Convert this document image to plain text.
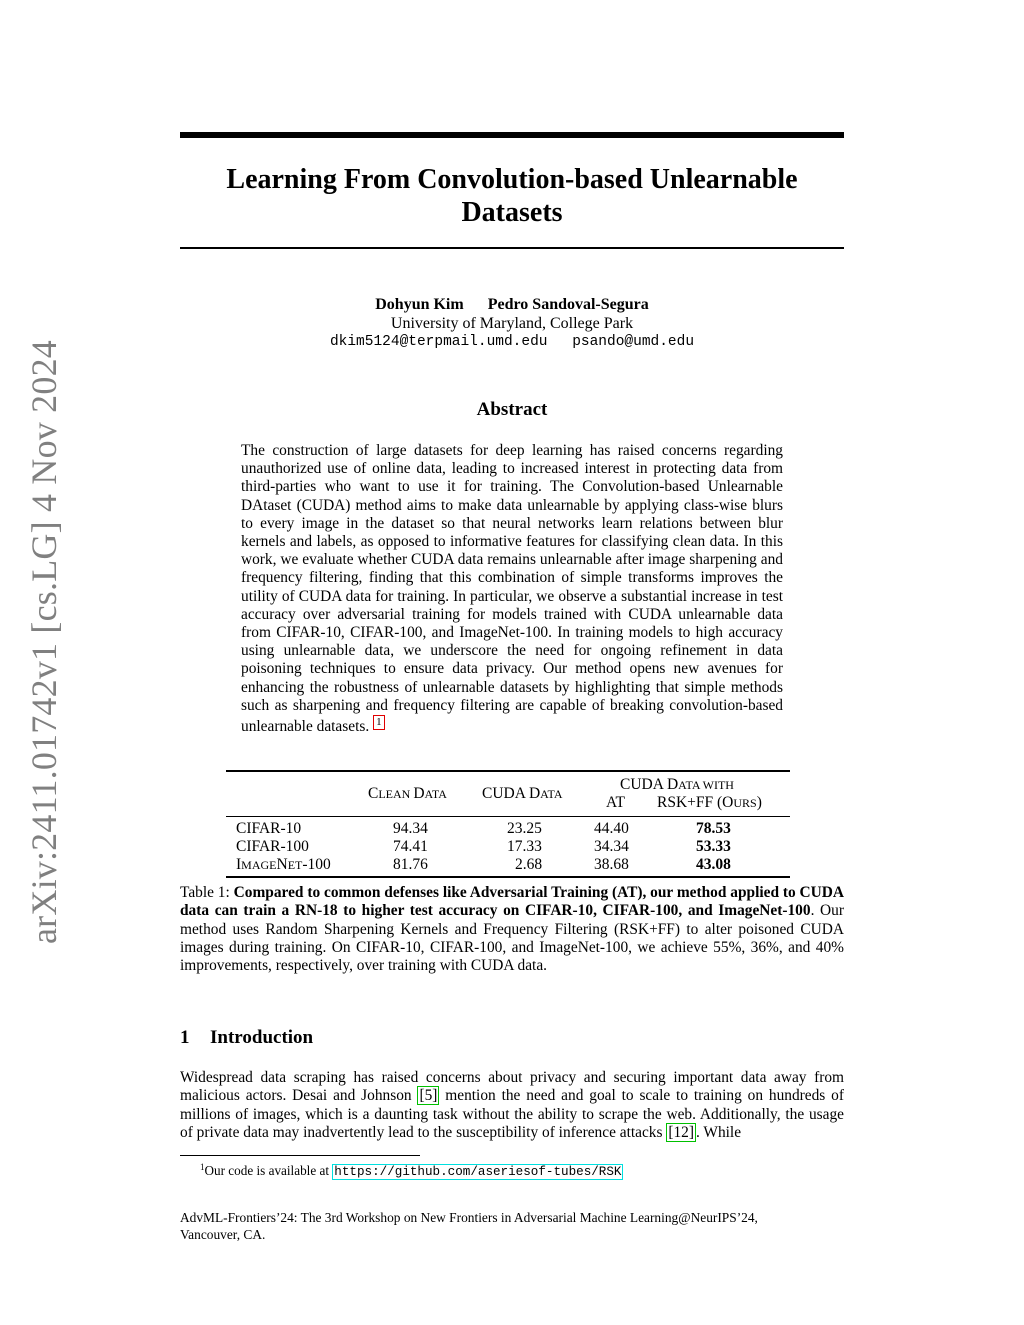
arXiv:2411.01742v1 [cs.LG] 4 Nov 2024
Learning From Convolution-based Unlearnable
Datasets
Dohyun Kim Pedro Sandoval-Segura
University of Maryland, College Park
dkim5124@terpmail.umd.edu psando@umd.edu
Abstract
The construction of large datasets for deep learning has raised concerns regarding unauthorized use of online data, leading to increased interest in protecting data from third-parties who want to use it for training. The Convolution-based Unlearnable DAtaset (CUDA) method aims to make data unlearnable by applying class-wise blurs to every image in the dataset so that neural networks learn relations between blur kernels and labels, as opposed to informative features for classifying clean data. In this work, we evaluate whether CUDA data remains unlearnable after image sharpening and frequency filtering, finding that this combination of simple transforms improves the utility of CUDA data for training. In particular, we observe a substantial increase in test accuracy over adversarial training for models trained with CUDA unlearnable data from CIFAR-10, CIFAR-100, and ImageNet-100. In training models to high accuracy using unlearnable data, we underscore the need for ongoing refinement in data poisoning techniques to ensure data privacy. Our method opens new avenues for enhancing the robustness of unlearnable datasets by highlighting that simple methods such as sharpening and frequency filtering are capable of breaking convolution-based unlearnable datasets. 1
CLEAN DATA CUDA DATA
CUDA DATA WITH
AT RSK+FF (OURS)
CIFAR-10	94.34	23.25	44.40	78.53
CIFAR-100	74.41	17.33	34.34	53.33
IMAGENET-100	81.76	2.68	38.68	43.08
Table 1: Compared to common defenses like Adversarial Training (AT), our method applied to CUDA data can train a RN-18 to higher test accuracy on CIFAR-10, CIFAR-100, and ImageNet-100. Our method uses Random Sharpening Kernels and Frequency Filtering (RSK+FF) to alter poisoned CUDA images during training. On CIFAR-10, CIFAR-100, and ImageNet-100, we achieve 55%, 36%, and 40% improvements, respectively, over training with CUDA data.
1 Introduction
Widespread data scraping has raised concerns about privacy and securing important data away from malicious actors. Desai and Johnson [5] mention the need and goal to scale to training on hundreds of millions of images, which is a daunting task without the ability to scrape the web. Additionally, the usage of private data may inadvertently lead to the susceptibility of inference attacks [12] . While
$^1$Our code is available at https://github.com/aseriesof-tubes/RSK
AdvML-Frontiers’24: The 3rd Workshop on New Frontiers in Adversarial Machine Learning@NeurIPS’24,
Vancouver, CA.
